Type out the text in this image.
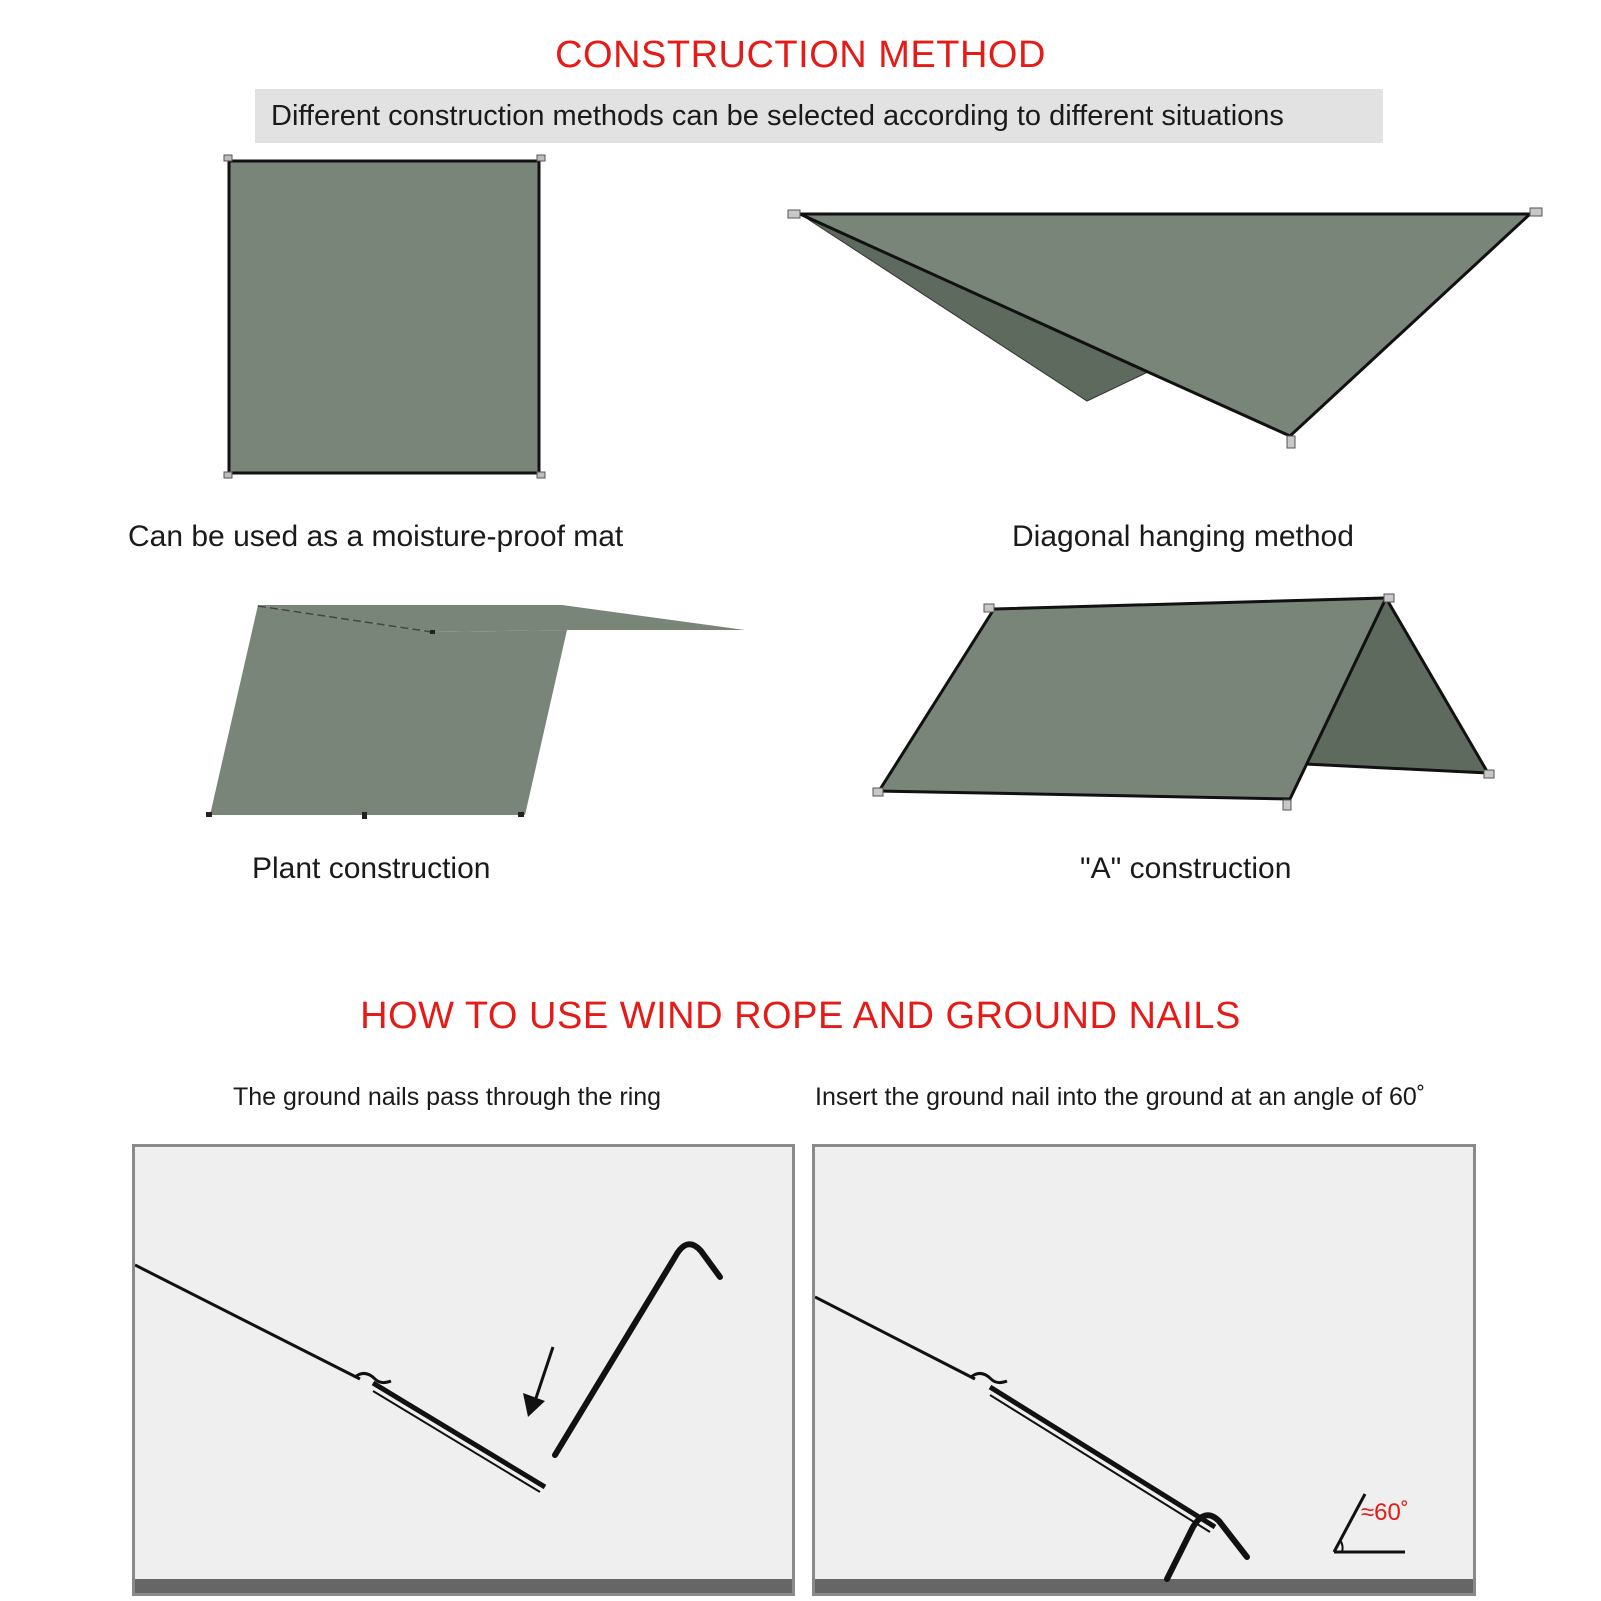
CONSTRUCTION METHOD
Different construction methods can be selected according to different situations
Can be used as a moisture-proof mat	Diagonal hanging method
Plant construction	"A" construction
HOW TO USE WIND ROPE AND GROUND NAILS
The ground nails pass through the ring	Insert the ground nail into the ground at an angle of 60˚
≈60˚
